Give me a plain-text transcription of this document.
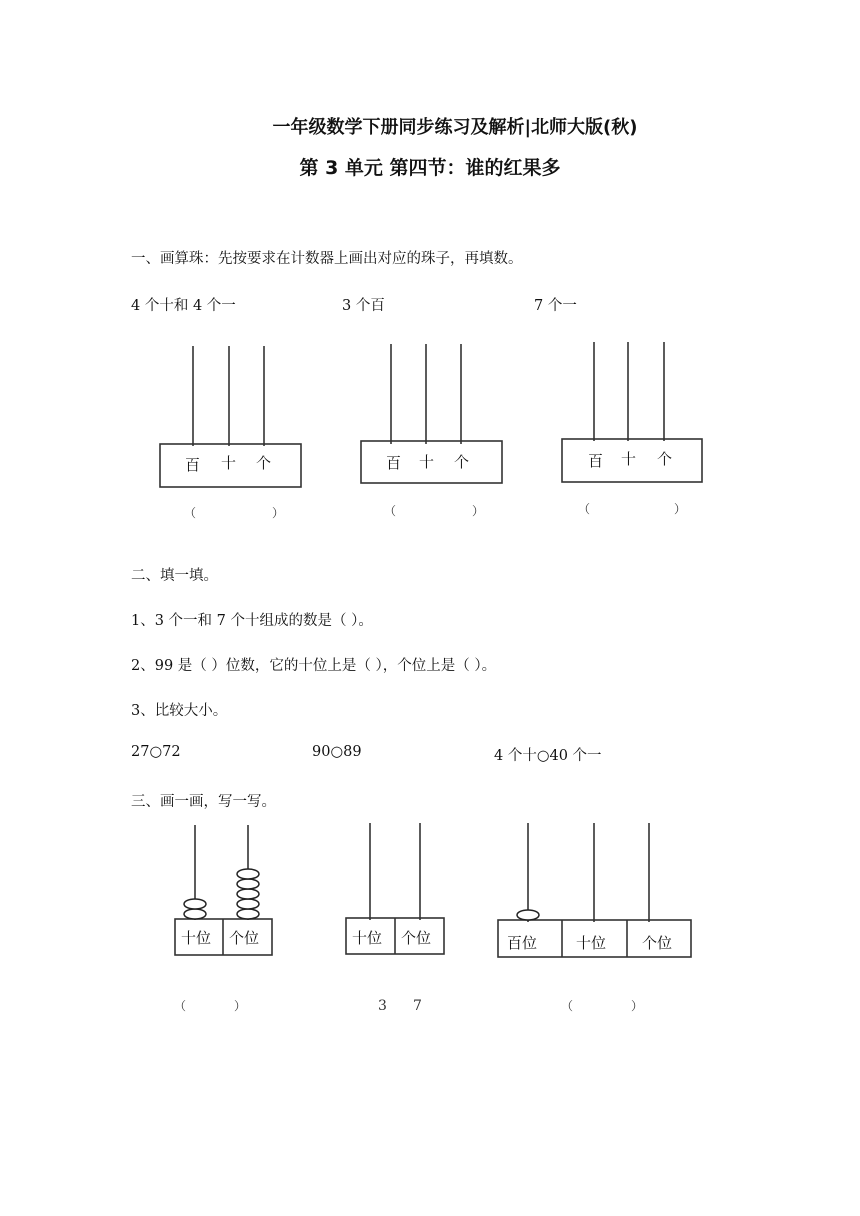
一年级数学下册同步练习及解析|北师大版(秋)
第 3 单元 第四节：谁的红果多
一、画算珠：先按要求在计数器上画出对应的珠子，再填数。
4 个十和 4 个一	3 个百	7 个一
二、填一填。
1、3 个一和 7 个十组成的数是（ ）。
2、99 是（ ）位数，它的十位上是（ ），个位上是（ ）。
3、比较大小。
27○72	90○89	4 个十○40 个一
三、画一画，写一写。
百 十 个
（	）
百 十 个
（	）
百 十 个
（	）
十位 个位
（	）
十位 个位
3 7
百位	十位 个位
（	）
